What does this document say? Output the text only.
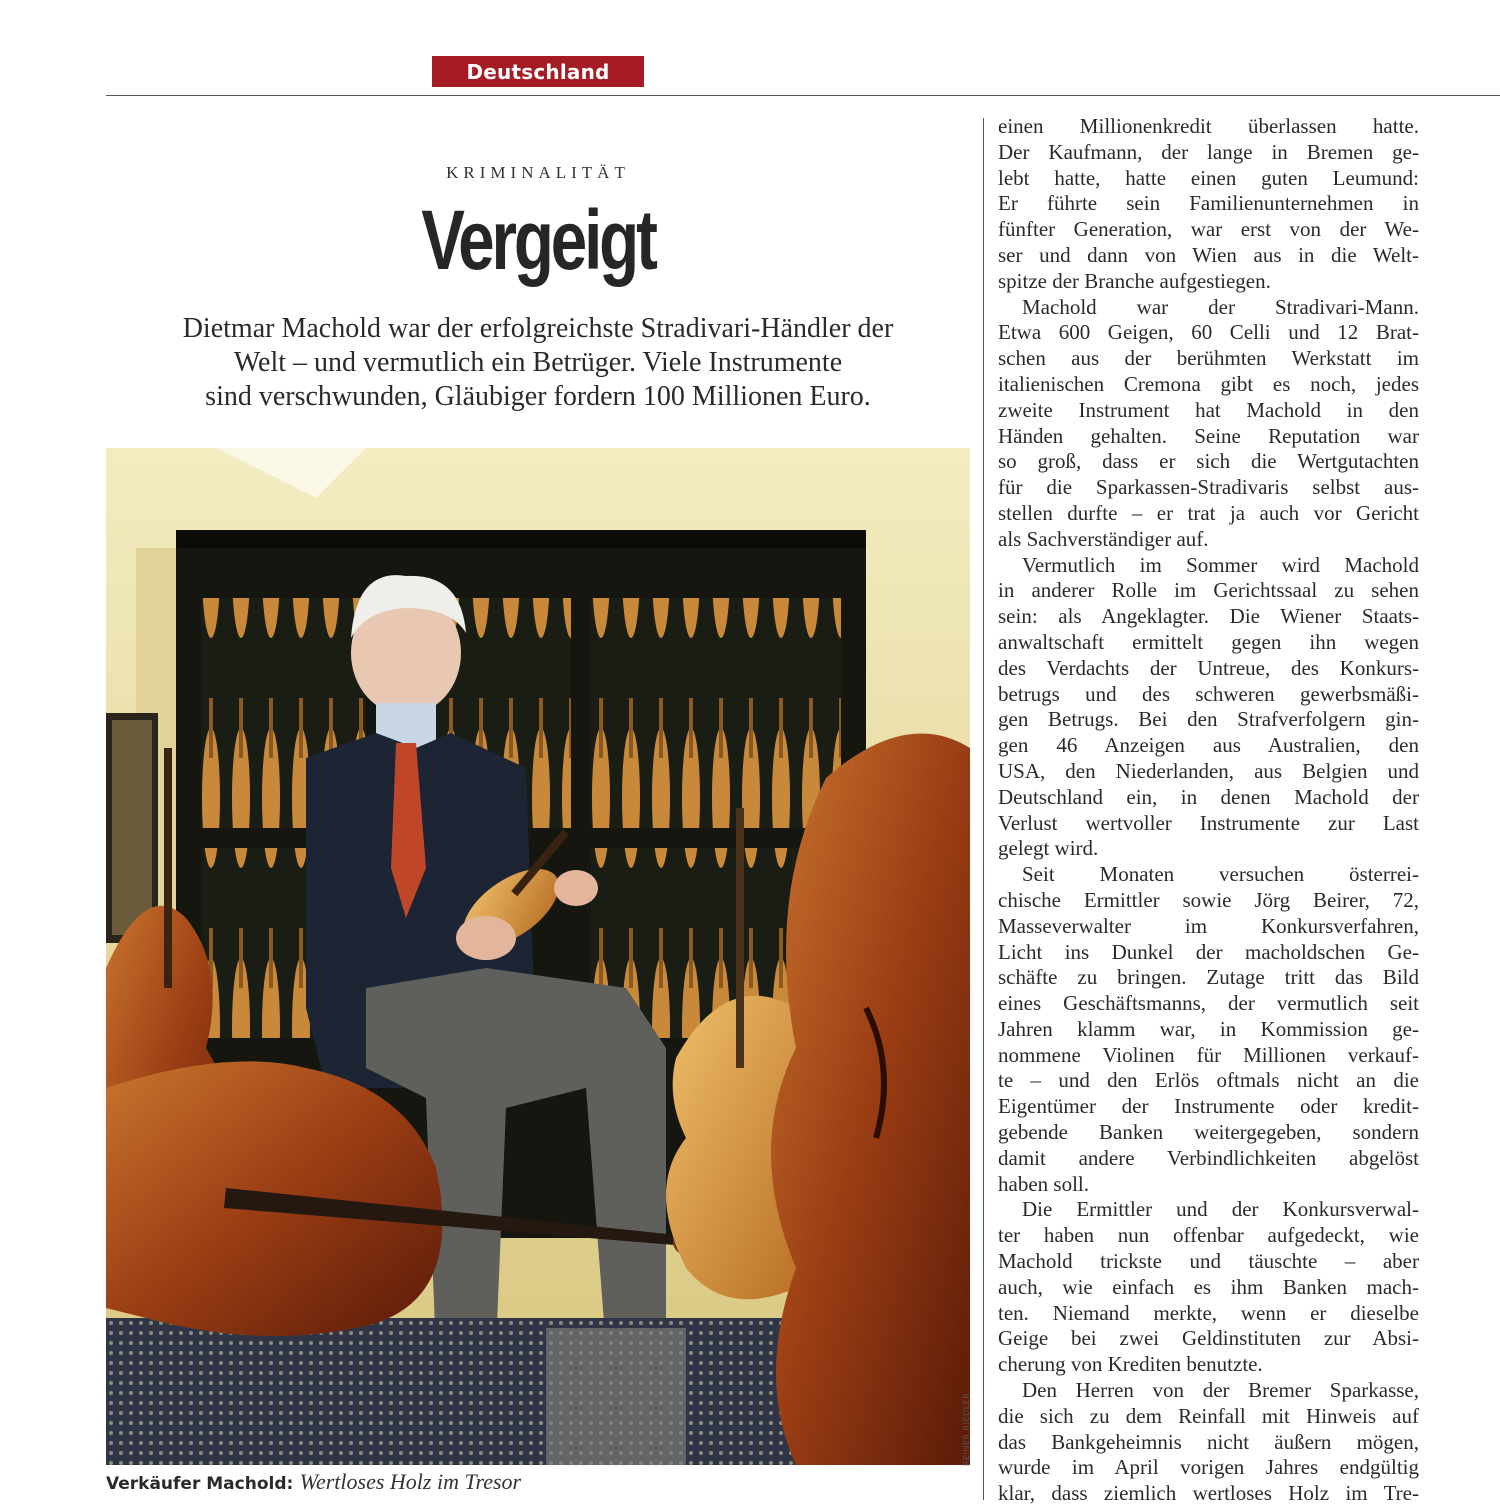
Deutschland
KRIMINALITÄT
Vergeigt
Dietmar Machold war der erfolgreichste Stradivari-Händler der
Welt – und vermutlich ein Betrüger. Viele Instrumente
sind verschwunden, Gläubiger fordern 100 Millionen Euro.
REINER RIEDLER
Verkäufer Machold: Wertloses Holz im Tresor
einen Millionenkredit überlassen hatte.
Der Kaufmann, der lange in Bremen ge-
lebt hatte, hatte einen guten Leumund:
Er führte sein Familienunternehmen in
fünfter Generation, war erst von der We-
ser und dann von Wien aus in die Welt-
spitze der Branche aufgestiegen.
Machold war der Stradivari-Mann.
Etwa 600 Geigen, 60 Celli und 12 Brat-
schen aus der berühmten Werkstatt im
italienischen Cremona gibt es noch, jedes
zweite Instrument hat Machold in den
Händen gehalten. Seine Reputation war
so groß, dass er sich die Wertgutachten
für die Sparkassen-Stradivaris selbst aus-
stellen durfte – er trat ja auch vor Gericht
als Sachverständiger auf.
Vermutlich im Sommer wird Machold
in anderer Rolle im Gerichtssaal zu sehen
sein: als Angeklagter. Die Wiener Staats-
anwaltschaft ermittelt gegen ihn wegen
des Verdachts der Untreue, des Konkurs-
betrugs und des schweren gewerbsmäßi-
gen Betrugs. Bei den Strafverfolgern gin-
gen 46 Anzeigen aus Australien, den
USA, den Niederlanden, aus Belgien und
Deutschland ein, in denen Machold der
Verlust wertvoller Instrumente zur Last
gelegt wird.
Seit Monaten versuchen österrei-
chische Ermittler sowie Jörg Beirer, 72,
Masseverwalter im Konkursverfahren,
Licht ins Dunkel der macholdschen Ge-
schäfte zu bringen. Zutage tritt das Bild
eines Geschäftsmanns, der vermutlich seit
Jahren klamm war, in Kommission ge-
nommene Violinen für Millionen verkauf-
te – und den Erlös oftmals nicht an die
Eigentümer der Instrumente oder kredit-
gebende Banken weitergegeben, sondern
damit andere Verbindlichkeiten abgelöst
haben soll.
Die Ermittler und der Konkursverwal-
ter haben nun offenbar aufgedeckt, wie
Machold trickste und täuschte – aber
auch, wie einfach es ihm Banken mach-
ten. Niemand merkte, wenn er dieselbe
Geige bei zwei Geldinstituten zur Absi-
cherung von Krediten benutzte.
Den Herren von der Bremer Sparkasse,
die sich zu dem Reinfall mit Hinweis auf
das Bankgeheimnis nicht äußern mögen,
wurde im April vorigen Jahres endgültig
klar, dass ziemlich wertloses Holz im Tre-
